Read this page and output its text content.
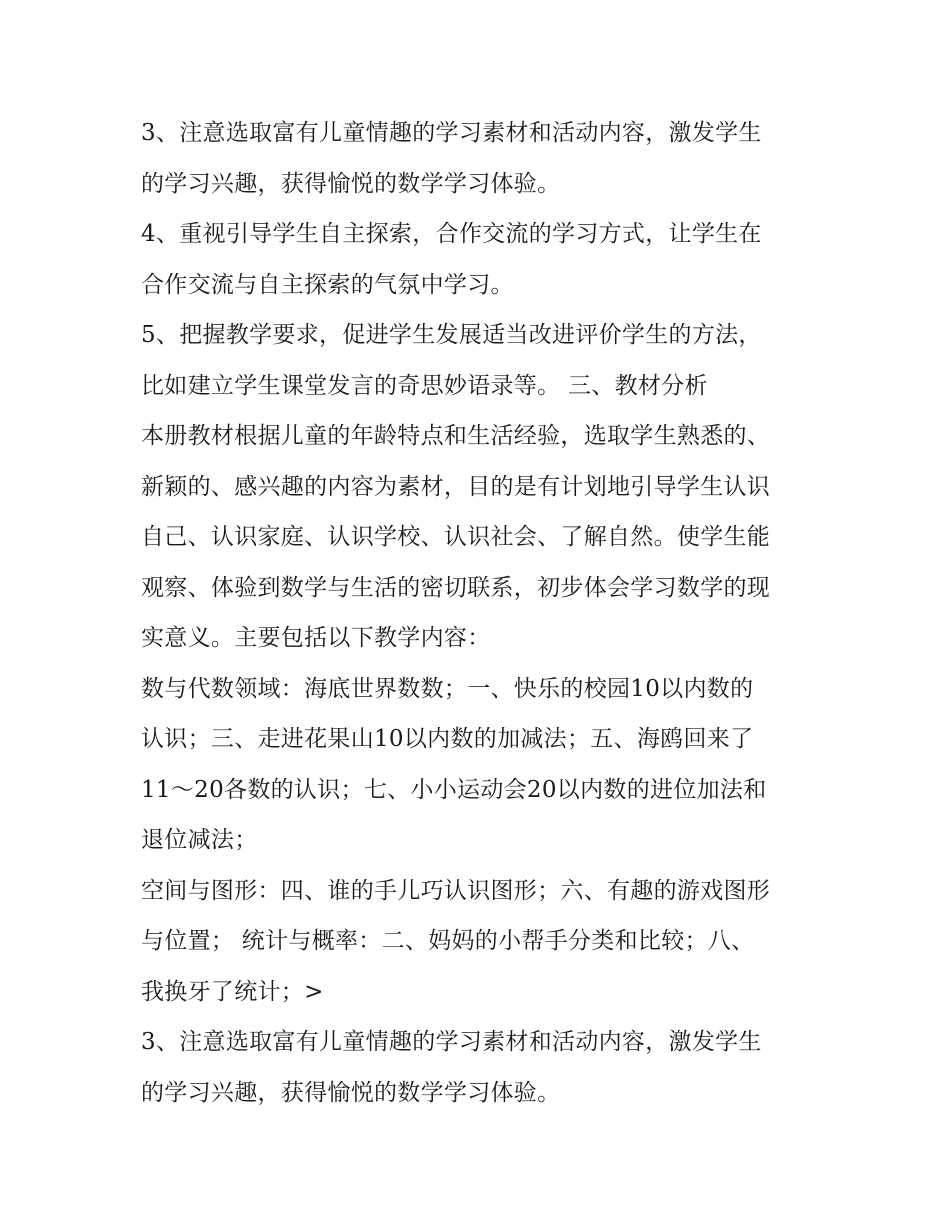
3、注意选取富有儿童情趣的学习素材和活动内容，激发学生
的学习兴趣，获得愉悦的数学学习体验。
4、重视引导学生自主探索，合作交流的学习方式，让学生在
合作交流与自主探索的气氛中学习。
5、把握教学要求，促进学生发展适当改进评价学生的方法，
比如建立学生课堂发言的奇思妙语录等。 三、教材分析
本册教材根据儿童的年龄特点和生活经验，选取学生熟悉的、
新颖的、感兴趣的内容为素材，目的是有计划地引导学生认识
自己、认识家庭、认识学校、认识社会、了解自然。使学生能
观察、体验到数学与生活的密切联系，初步体会学习数学的现
实意义。主要包括以下教学内容：
数与代数领域：海底世界数数；一、快乐的校园10以内数的
认识；三、走进花果山10以内数的加减法；五、海鸥回来了
11～20各数的认识；七、小小运动会20以内数的进位加法和
退位减法；
空间与图形：四、谁的手儿巧认识图形；六、有趣的游戏图形
与位置； 统计与概率：二、妈妈的小帮手分类和比较；八、
我换牙了统计；>
3、注意选取富有儿童情趣的学习素材和活动内容，激发学生
的学习兴趣，获得愉悦的数学学习体验。
